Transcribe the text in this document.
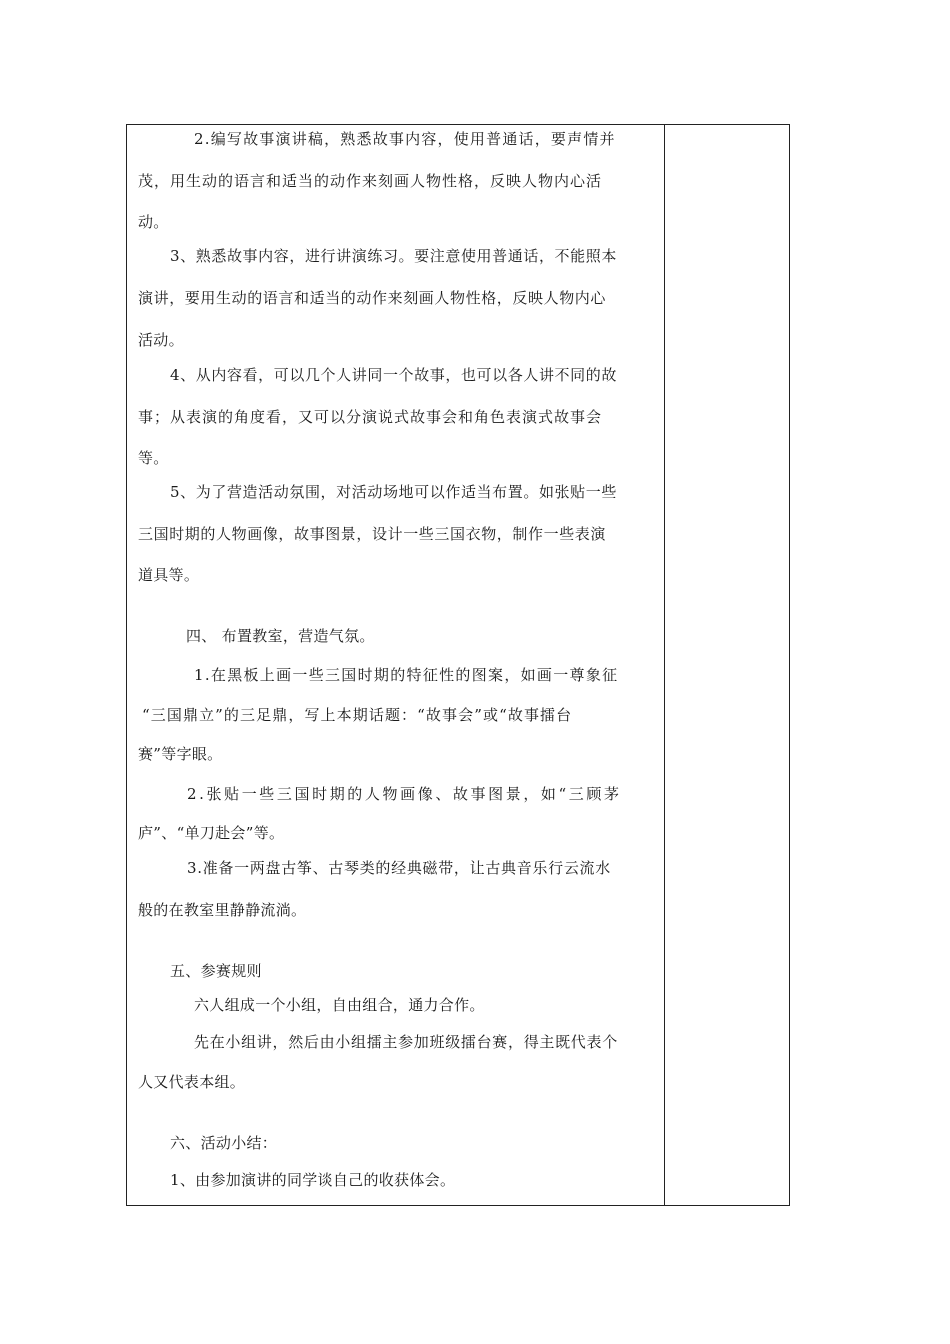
2.编写故事演讲稿，熟悉故事内容，使用普通话，要声情并
茂，用生动的语言和适当的动作来刻画人物性格，反映人物内心活
动。
3、熟悉故事内容，进行讲演练习。要注意使用普通话，不能照本
演讲，要用生动的语言和适当的动作来刻画人物性格，反映人物内心
活动。
4、从内容看，可以几个人讲同一个故事，也可以各人讲不同的故
事；从表演的角度看，又可以分演说式故事会和角色表演式故事会
等。
5、为了营造活动氛围，对活动场地可以作适当布置。如张贴一些
三国时期的人物画像，故事图景，设计一些三国衣物，制作一些表演
道具等。
四、 布置教室，营造气氛。
1.在黑板上画一些三国时期的特征性的图案，如画一尊象征
“三国鼎立”的三足鼎，写上本期话题：“故事会”或“故事擂台
赛”等字眼。
2.张贴一些三国时期的人物画像、故事图景，如“三顾茅
庐”、“单刀赴会”等。
3.准备一两盘古筝、古琴类的经典磁带，让古典音乐行云流水
般的在教室里静静流淌。
五、参赛规则
六人组成一个小组，自由组合，通力合作。
先在小组讲，然后由小组擂主参加班级擂台赛，得主既代表个
人又代表本组。
六、活动小结：
1、由参加演讲的同学谈自己的收获体会。
